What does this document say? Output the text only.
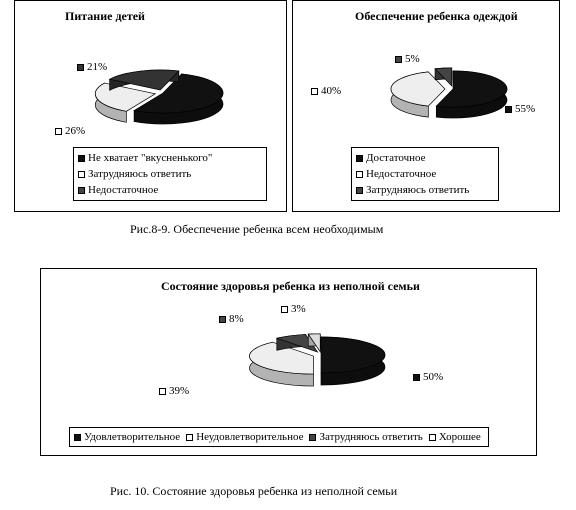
Питание детей
21%
26%
Не хватает "вкусненького"
Затрудняюсь ответить
Недостаточное
Обеспечение ребенка одеждой
5%
40%
55%
Достаточное
Недостаточное
Затрудняюсь ответить
Рис.8-9. Обеспечение ребенка всем необходимым
Состояние здоровья ребенка из неполной семьи
8%
3%
39%
50%
Удовлетворительное Неудовлетворительное Затрудняюсь ответить Хорошее
Рис. 10. Состояние здоровья ребенка из неполной семьи
